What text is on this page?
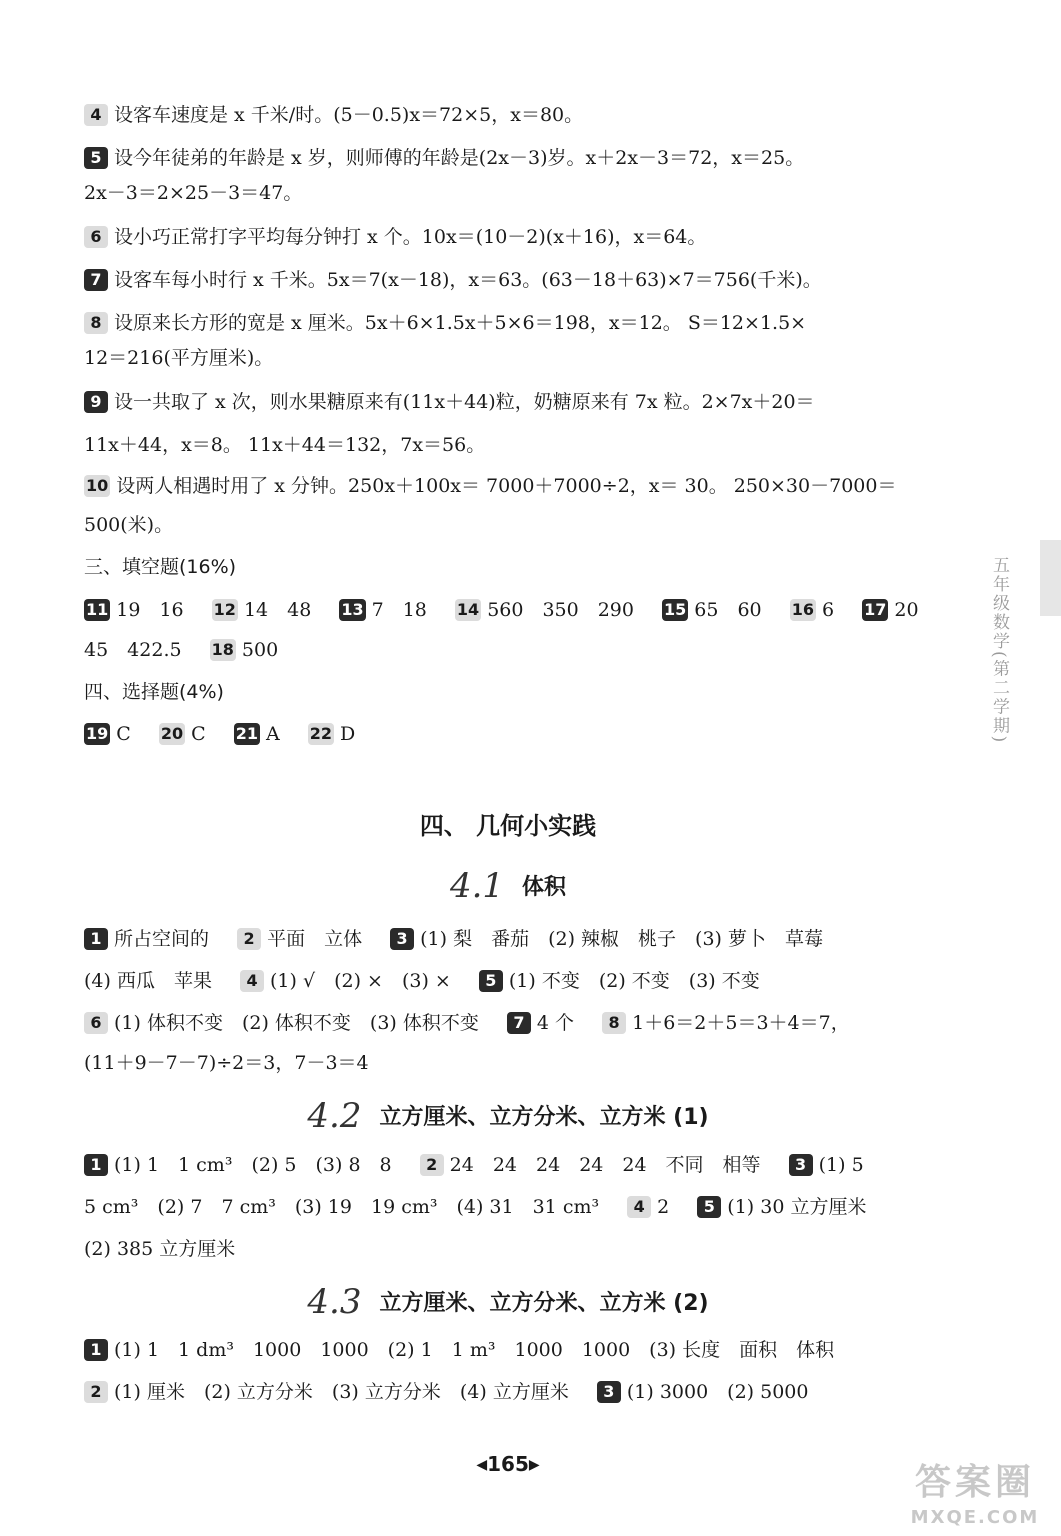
五年级数学(第二学期)
4 设客车速度是 x 千米/时。(5－0.5)x＝72×5，x＝80。
5 设今年徒弟的年龄是 x 岁，则师傅的年龄是(2x－3)岁。x＋2x－3＝72，x＝25。
2x－3＝2×25－3＝47。
6 设小巧正常打字平均每分钟打 x 个。10x＝(10－2)(x＋16)，x＝64。
7 设客车每小时行 x 千米。5x＝7(x－18)，x＝63。(63－18＋63)×7＝756(千米)。
8 设原来长方形的宽是 x 厘米。5x＋6×1.5x＋5×6＝198，x＝12。 S＝12×1.5×
12＝216(平方厘米)。
9 设一共取了 x 次，则水果糖原来有(11x＋44)粒，奶糖原来有 7x 粒。2×7x＋20＝
11x＋44，x＝8。 11x＋44＝132，7x＝56。
10 设两人相遇时用了 x 分钟。250x＋100x＝ 7000＋7000÷2，x＝ 30。 250×30－7000＝
500(米)。
三、填空题(16%)
11 19　16 12 14　48 13 7　18 14 560　350　290 15 65　60 16 6 17 20
45　422.5 18 500
四、选择题(4%)
19 C 20 C 21 A 22 D
四、 几何小实践
4.1 体积
1 所占空间的 2 平面　立体 3 (1) 梨　番茄　(2) 辣椒　桃子　(3) 萝卜　草莓
(4) 西瓜　苹果 4 (1) √　(2) ×　(3) × 5 (1) 不变　(2) 不变　(3) 不变
6 (1) 体积不变　(2) 体积不变　(3) 体积不变 7 4 个 8 1＋6＝2＋5＝3＋4＝7，
(11＋9－7－7)÷2＝3，7－3＝4
4.2 立方厘米、立方分米、立方米 (1)
1 (1) 1　1 cm³　(2) 5　(3) 8　8 2 24　24　24　24　24　不同　相等 3 (1) 5
5 cm³　(2) 7　7 cm³　(3) 19　19 cm³　(4) 31　31 cm³ 4 2 5 (1) 30 立方厘米
(2) 385 立方厘米
4.3 立方厘米、立方分米、立方米 (2)
1 (1) 1　1 dm³　1000　1000　(2) 1　1 m³　1000　1000　(3) 长度　面积　体积
2 (1) 厘米　(2) 立方分米　(3) 立方分米　(4) 立方厘米 3 (1) 3000　(2) 5000
◀165▶	答案圈
MXQE.COM
